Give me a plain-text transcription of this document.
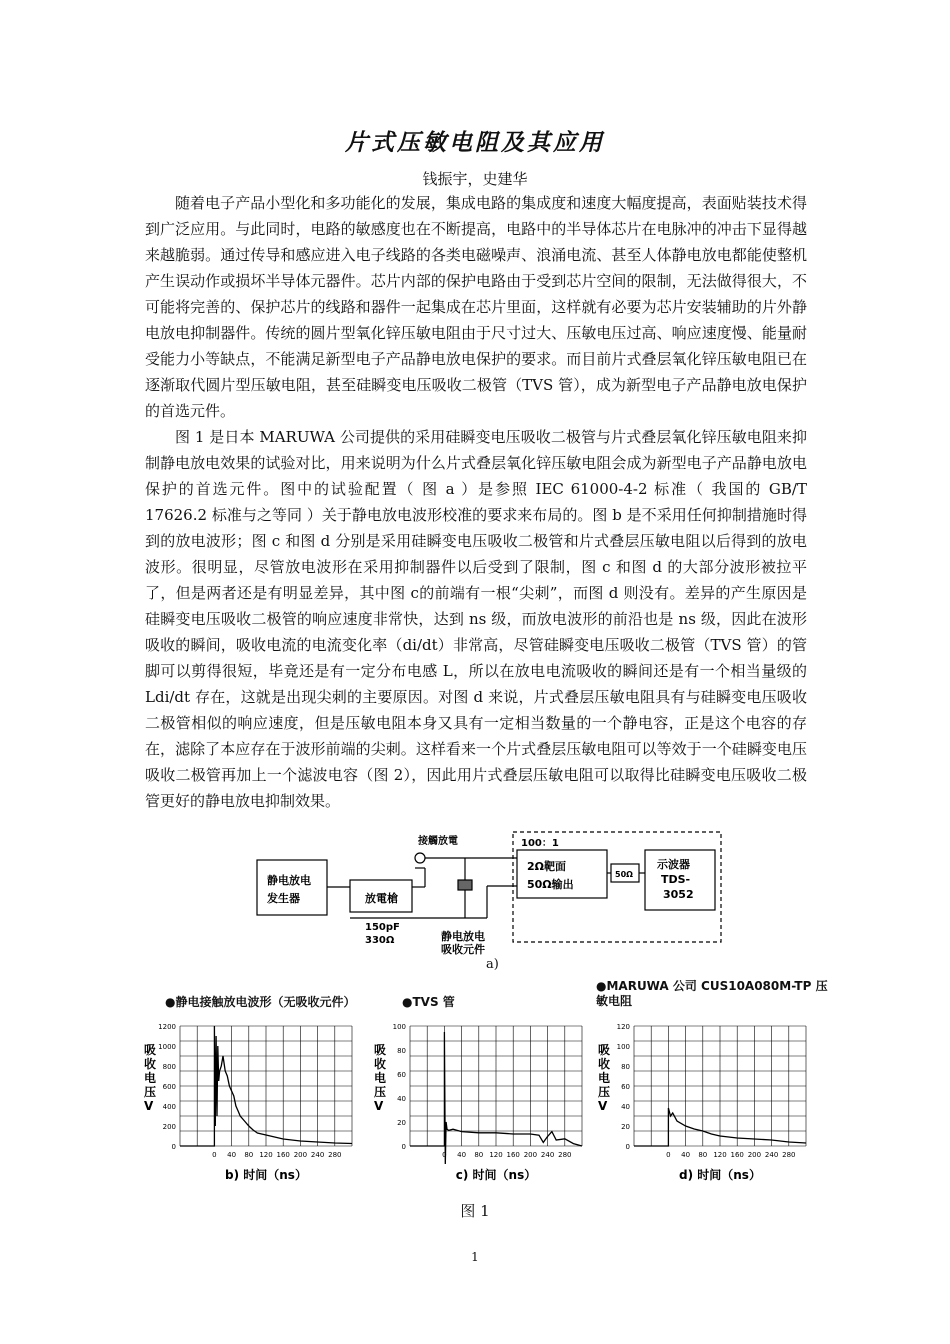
片式压敏电阻及其应用
钱振宇，史建华

随着电子产品小型化和多功能化的发展，集成电路的集成度和速度大幅度提高，表面贴装技术得到广泛应用。与此同时，电路的敏感度也在不断提高，电路中的半导体芯片在电脉冲的冲击下显得越来越脆弱。通过传导和感应进入电子线路的各类电磁噪声、浪涌电流、甚至人体静电放电都能使整机产生误动作或损坏半导体元器件。芯片内部的保护电路由于受到芯片空间的限制，无法做得很大，不可能将完善的、保护芯片的线路和器件一起集成在芯片里面，这样就有必要为芯片安装辅助的片外静电放电抑制器件。传统的圆片型氧化锌压敏电阻由于尺寸过大、压敏电压过高、响应速度慢、能量耐受能力小等缺点，不能满足新型电子产品静电放电保护的要求。而目前片式叠层氧化锌压敏电阻已在逐渐取代圆片型压敏电阻，甚至硅瞬变电压吸收二极管（TVS 管），成为新型电子产品静电放电保护的首选元件。

图 1 是日本 MARUWA 公司提供的采用硅瞬变电压吸收二极管与片式叠层氧化锌压敏电阻来抑制静电放电效果的试验对比，用来说明为什么片式叠层氧化锌压敏电阻会成为新型电子产品静电放电保护的首选元件。图中的试验配置（ 图 a ）是参照 IEC 61000-4-2 标准（ 我国的 GB/T 17626.2 标准与之等同 ）关于静电放电波形校准的要求来布局的。图 b 是不采用任何抑制措施时得到的放电波形；图 c 和图 d 分别是采用硅瞬变电压吸收二极管和片式叠层压敏电阻以后得到的放电波形。很明显，尽管放电波形在采用抑制器件以后受到了限制，图 c 和图 d 的大部分波形被拉平了，但是两者还是有明显差异，其中图 c的前端有一根“尖刺”，而图 d 则没有。差异的产生原因是硅瞬变电压吸收二极管的响应速度非常快，达到 ns 级，而放电波形的前沿也是 ns 级，因此在波形吸收的瞬间，吸收电流的电流变化率（di/dt）非常高，尽管硅瞬变电压吸收二极管（TVS 管）的管脚可以剪得很短，毕竟还是有一定分布电感 L，所以在放电电流吸收的瞬间还是有一个相当量级的 Ldi/dt 存在，这就是出现尖刺的主要原因。对图 d 来说，片式叠层压敏电阻具有与硅瞬变电压吸收二极管相似的响应速度，但是压敏电阻本身又具有一定相当数量的一个静电容，正是这个电容的存在，滤除了本应存在于波形前端的尖刺。这样看来一个片式叠层压敏电阻可以等效于一个硅瞬变电压吸收二极管再加上一个滤波电容（图 2），因此用片式叠层压敏电阻可以取得比硅瞬变电压吸收二极管更好的静电放电抑制效果。

静电放电
发生器	放電槍
150pF
330Ω
接觸放電
静电放电
吸收元件
100：1
2Ω靶面
50Ω输出
50Ω
示波器
TDS-
3052
a)
●静电接触放电波形（无吸收元件）
0
200
400
600
800
1000
1200
0 40 80 120 160 200 240 280
吸
收
电
压
V
b) 时间（ns）
●TVS 管
0
20
40
60
80
100
0 40 80 120 160 200 240 280
吸
收
电
压
V
c) 时间（ns）
●MARUWA 公司 CUS10A080M-TP 压敏电阻
0
20
40
60
80
100
120
0 40 80 120 160 200 240 280
吸
收
电
压
V
d) 时间（ns）
图 1
1
